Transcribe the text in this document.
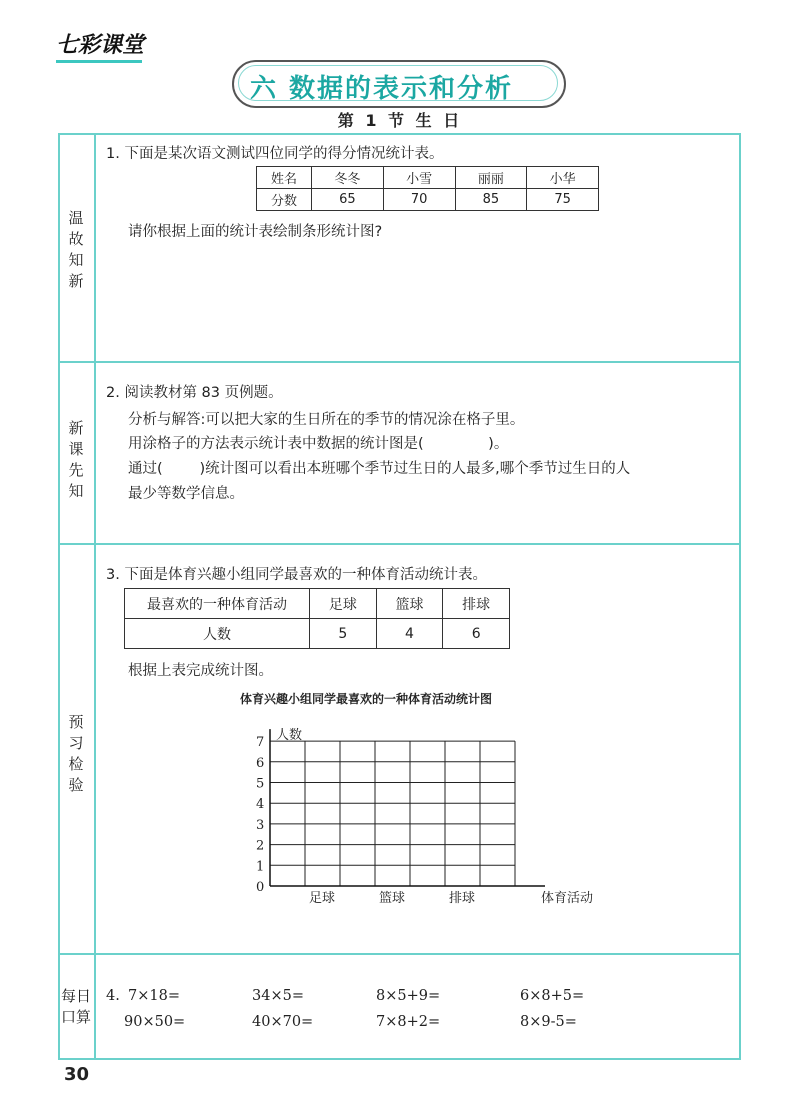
七彩课堂
六 数据的表示和分析
第 1 节 生 日
温故知新
新课先知
预习检验
每日口算
1. 下面是某次语文测试四位同学的得分情况统计表。
姓名	冬冬	小雪	丽丽	小华
分数	65	70	85	75
请你根据上面的统计表绘制条形统计图?
2. 阅读教材第 83 页例题。
分析与解答:可以把大家的生日所在的季节的情况涂在格子里。
用涂格子的方法表示统计表中数据的统计图是(              )。
通过(        )统计图可以看出本班哪个季节过生日的人最多,哪个季节过生日的人
最少等数学信息。
3. 下面是体育兴趣小组同学最喜欢的一种体育活动统计表。
最喜欢的一种体育活动	足球	篮球	排球
人数	5	4	6
根据上表完成统计图。
体育兴趣小组同学最喜欢的一种体育活动统计图
0
1
2
3
4
5
6
7 人数
足球	篮球	排球	体育活动
4. 7×18=	34×5=	8×5+9=	6×8+5=
90×50=	40×70=	7×8+2=	8×9-5=
30
